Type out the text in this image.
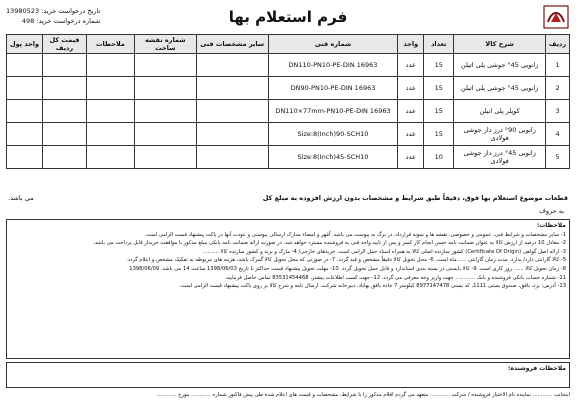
فرم استعلام بها
تاریخ درخواست خرید: 13980523
شماره درخواست خرید: 498
ردیف	شرح کالا	تعداد	واحد	شماره فنی	سایر مشخصات فنی	شماره نقشه ساخت	ملاحظات	قیمت کل ردیف	واحد پول
1	زانویی 45° جوشی پلی اتیلن	15	عدد	DN110-PN10-PE-DIN 16963					
2	زانویی 45° جوشی پلی اتیلن	15	عدد	DN90-PN10-PE-DIN 16963					
3	کوپلر پلی اتیلن	15	عدد	DN110×77mm-PN10-PE-DIN 16963					
4	زانویی 90° درز دار جوشی فولادی	15	عدد	Size:8(Inch)90-SCH10					
5	زانویی 45° درز دار جوشی فولادی	10	عدد	Size:8(Inch)45-SCH10					
قطعات موضوع استعلام بها فوق، دقیقاً طبق شرایط و مشخصات بدون ارزش افزوده به مبلغ کل
می باشد.
به حروف
ملاحظات:
1- سایر مشخصات و شرایط فنی، عمومی و خصوصی، نقشه ها و نمونه قرارداد، در برگ به پیوست می باشد. اُمُهر و امضاء مدارک ارسالی پیوستی و عودت آنها در پاکت پیشنهاد قیمت الزامی است.
2- معادل 10 درصد از ارزش کالا به عنوان ضمانت نامه حسن انجام کار کسر و پس از تایید واحد فنی به فروشنده مسترد خواهد شد. در صورت ارائه ضمانت نامه بانکی مبلغ مذکور با موافقت خریدار قابل پرداخت می باشد.
3- ارائه اصل گواهی (Certificate Of Origin) کشور سازنده اصلی کالا به همراه اسناد حمل الزامی است. خریدهای خارجی/ 4- مارک و برند و کشور سازنده کالا ..........
5- کالا گارانتی دارد/ ندارد. مدت زمان گارانتی ......ماه است. 6- محل تحویل کالا دقیقاً مشخص و قید گردد. 7- در صورتی که محل تحویل کالا گمرک باشد، هزینه های مربوطه به تفکیک مشخص و اعلام گردد.
8- زمان تحویل کالا ...... روز کاری است. 9- کالا بایستی در بسته بندی استاندارد و قابل حمل تحویل گردد. 10- مهلت تحویل پیشنهاد قیمت حداکثر تا تاریخ 1398/06/03 ساعت 14 می باشد. 1398/06/09
11- شماره حساب بانکی فروشنده و بانک ............ جهت واریز وجه معرفی می گردد. 12- جهت کسب اطلاعات بیشتر، 83531454468 تماس حاصل فرمایید.
13- آدرس: یزد، بافق، صندوق پستی 1111، کد پستی 8977147478 کیلومتر 7 جاده بافق بهاباد، دبیرخانه شرکت. ارسال نامه و شرح کالا بر روی پاکت پیشنهاد قیمت الزامی است.
ملاحظات فروشنده:
اینجانب ............ نماینده تام الاختیار فروشنده / شرکت ............ متعهد می گردم اقلام مذکور را با شرایط، مشخصات و قیمت های اعلام شده طی پیش فاکتور شماره ............ مورخ ............
